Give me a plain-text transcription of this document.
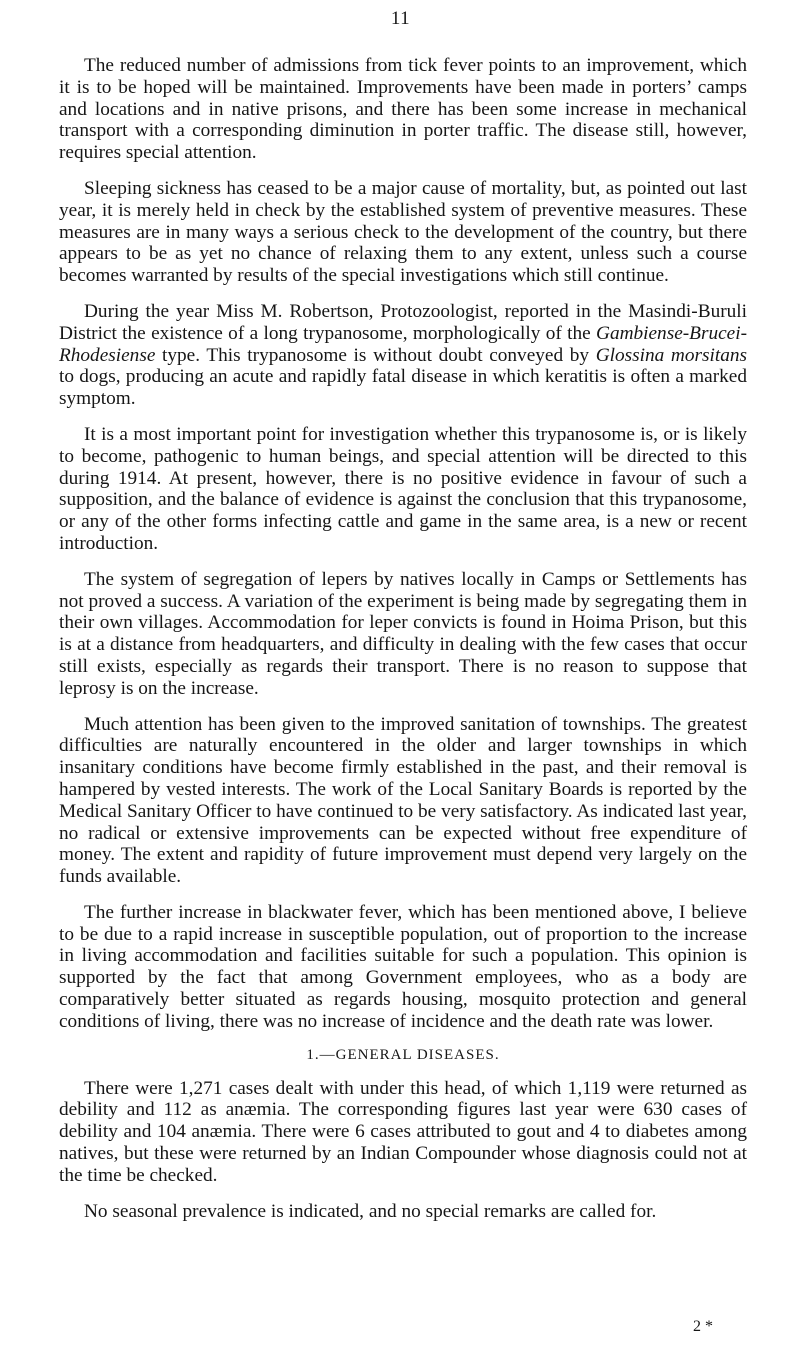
11

The reduced number of admissions from tick fever points to an improvement, which it is to be hoped will be maintained. Improvements have been made in porters’ camps and locations and in native prisons, and there has been some increase in mechanical transport with a corresponding diminution in porter traffic. The disease still, however, requires special attention.

Sleeping sickness has ceased to be a major cause of mortality, but, as pointed out last year, it is merely held in check by the established system of preventive measures. These measures are in many ways a serious check to the development of the country, but there appears to be as yet no chance of relaxing them to any extent, unless such a course becomes warranted by results of the special investigations which still continue.

During the year Miss M. Robertson, Protozoologist, reported in the Masindi-Buruli District the existence of a long trypanosome, morphologically of the Gambiense-Brucei-Rhodesiense type. This trypanosome is without doubt conveyed by Glossina morsitans to dogs, producing an acute and rapidly fatal disease in which keratitis is often a marked symptom.

It is a most important point for investigation whether this trypanosome is, or is likely to become, pathogenic to human beings, and special attention will be directed to this during 1914. At present, however, there is no positive evidence in favour of such a supposition, and the balance of evidence is against the conclusion that this trypanosome, or any of the other forms infecting cattle and game in the same area, is a new or recent introduction.

The system of segregation of lepers by natives locally in Camps or Settlements has not proved a success. A variation of the experiment is being made by segregating them in their own villages. Accommodation for leper convicts is found in Hoima Prison, but this is at a distance from headquarters, and difficulty in dealing with the few cases that occur still exists, especially as regards their transport. There is no reason to suppose that leprosy is on the increase.

Much attention has been given to the improved sanitation of townships. The greatest difficulties are naturally encountered in the older and larger townships in which insanitary conditions have become firmly established in the past, and their removal is hampered by vested interests. The work of the Local Sanitary Boards is reported by the Medical Sanitary Officer to have continued to be very satisfactory. As indicated last year, no radical or extensive improvements can be expected without free expenditure of money. The extent and rapidity of future improvement must depend very largely on the funds available.

The further increase in blackwater fever, which has been mentioned above, I believe to be due to a rapid increase in susceptible population, out of proportion to the increase in living accommodation and facilities suitable for such a population. This opinion is supported by the fact that among Government employees, who as a body are comparatively better situated as regards housing, mosquito protection and general conditions of living, there was no increase of incidence and the death rate was lower.

1.—GENERAL DISEASES.

There were 1,271 cases dealt with under this head, of which 1,119 were returned as debility and 112 as anæmia. The corresponding figures last year were 630 cases of debility and 104 anæmia. There were 6 cases attributed to gout and 4 to diabetes among natives, but these were returned by an Indian Compounder whose diagnosis could not at the time be checked.

No seasonal prevalence is indicated, and no special remarks are called for.

2 *
